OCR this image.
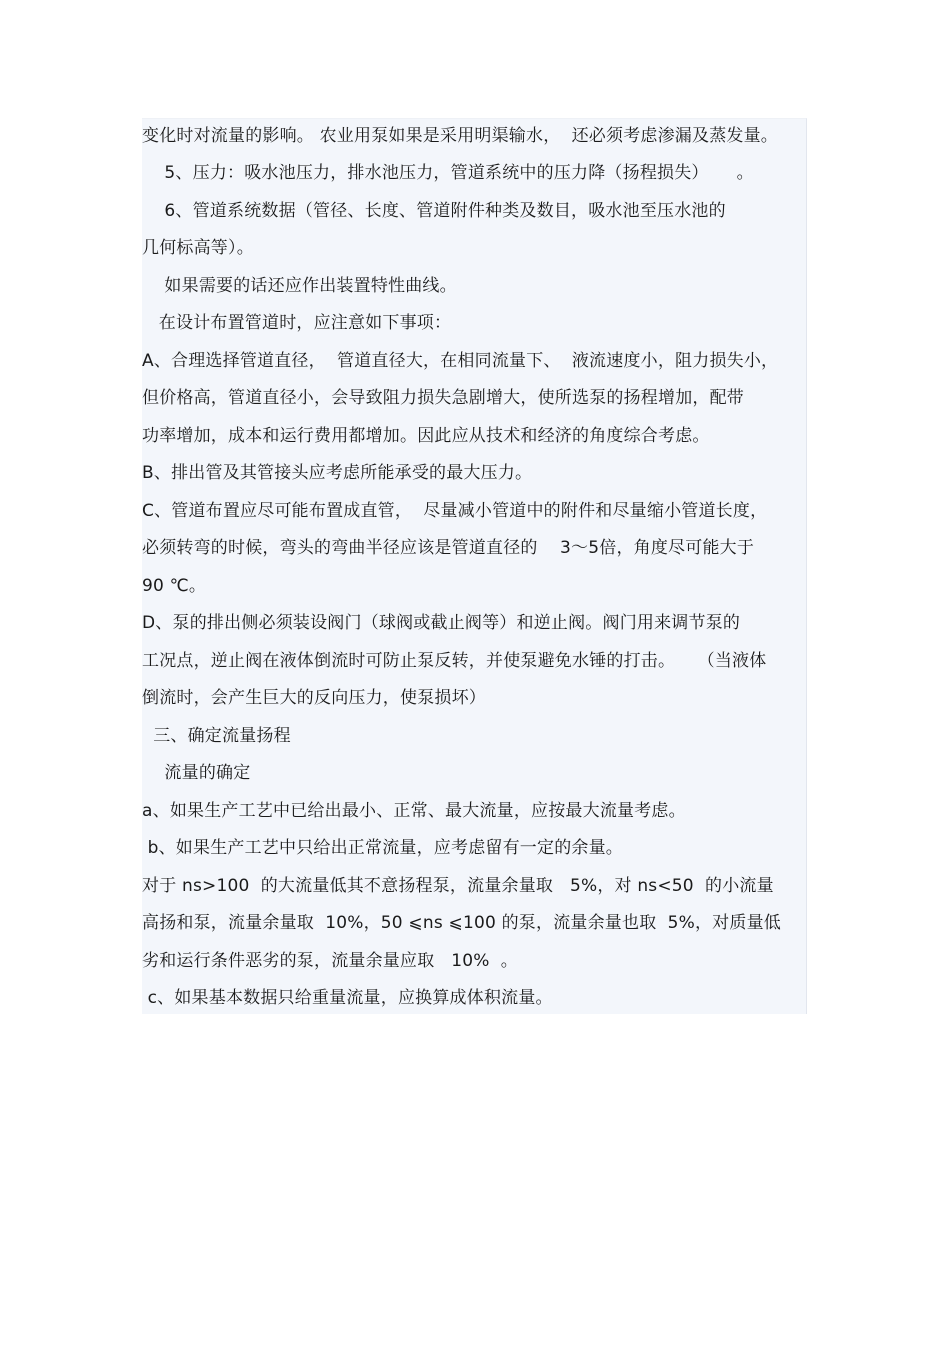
变化时对流量的影响。 农业用泵如果是采用明渠输水，  还必须考虑渗漏及蒸发量。
5、压力：吸水池压力，排水池压力，管道系统中的压力降（扬程损失）     。
6、管道系统数据（管径、长度、管道附件种类及数目，吸水池至压水池的
几何标高等）。
如果需要的话还应作出装置特性曲线。
在设计布置管道时，应注意如下事项：
A、合理选择管道直径，  管道直径大，在相同流量下、  液流速度小，阻力损失小，
但价格高，管道直径小，会导致阻力损失急剧增大，使所选泵的扬程增加，配带
功率增加，成本和运行费用都增加。因此应从技术和经济的角度综合考虑。
B、排出管及其管接头应考虑所能承受的最大压力。
C、管道布置应尽可能布置成直管，  尽量减小管道中的附件和尽量缩小管道长度，
必须转弯的时候，弯头的弯曲半径应该是管道直径的    3～5倍，角度尽可能大于
90 ℃。
D、泵的排出侧必须装设阀门（球阀或截止阀等）和逆止阀。阀门用来调节泵的
工况点，逆止阀在液体倒流时可防止泵反转，并使泵避免水锤的打击。    （当液体
倒流时，会产生巨大的反向压力，使泵损坏）
三、确定流量扬程
流量的确定
a、如果生产工艺中已给出最小、正常、最大流量，应按最大流量考虑。
b、如果生产工艺中只给出正常流量，应考虑留有一定的余量。
对于 ns>100  的大流量低其不意扬程泵，流量余量取   5%，对 ns<50  的小流量
高扬和泵，流量余量取  10%，50 ⩽ns ⩽100 的泵，流量余量也取  5%，对质量低
劣和运行条件恶劣的泵，流量余量应取   10%  。
c、如果基本数据只给重量流量，应换算成体积流量。
